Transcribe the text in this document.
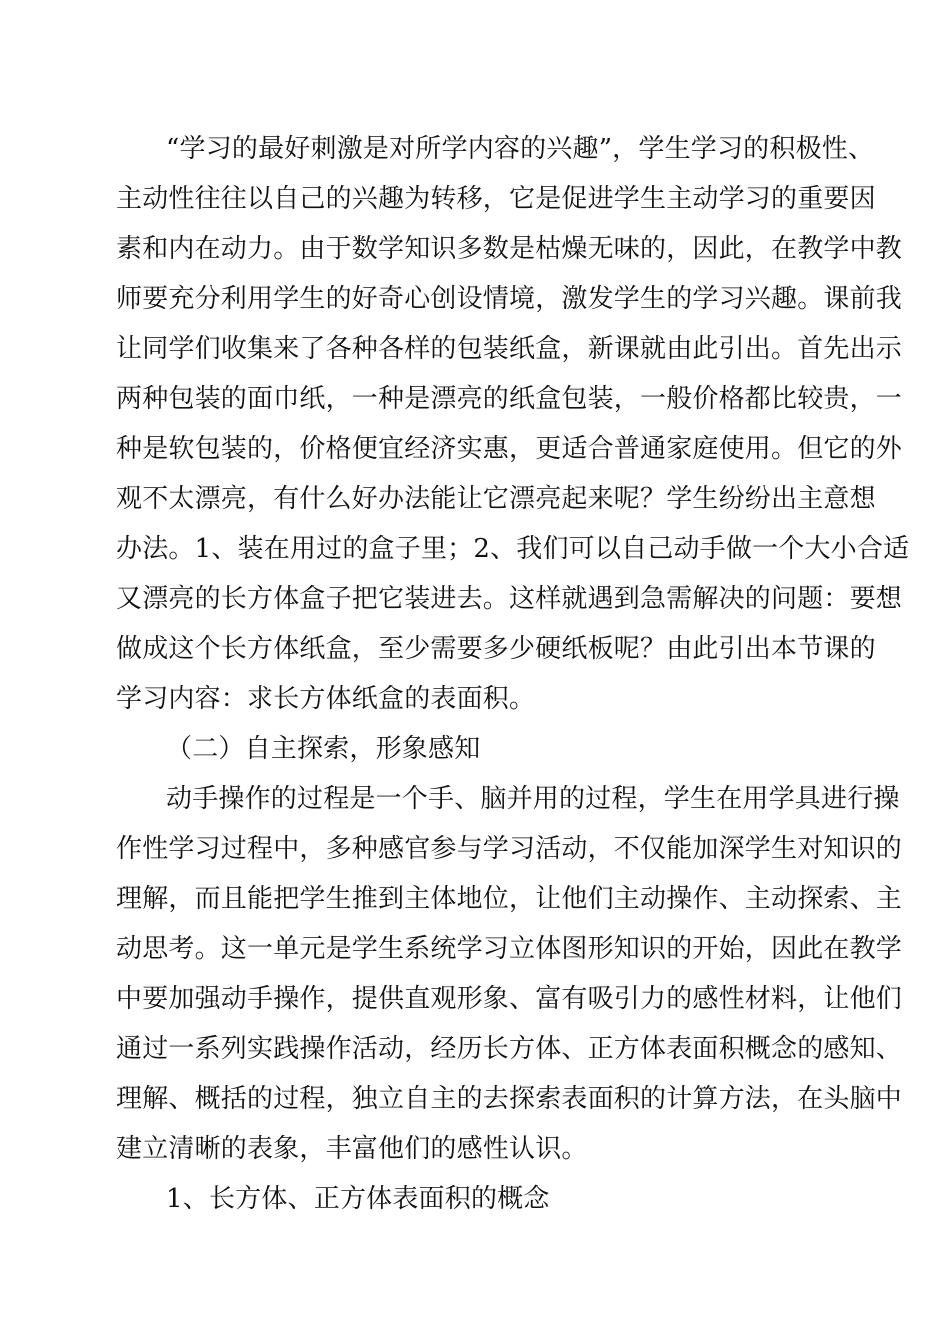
“学习的最好刺激是对所学内容的兴趣”，学生学习的积极性、
主动性往往以自己的兴趣为转移，它是促进学生主动学习的重要因
素和内在动力。由于数学知识多数是枯燥无味的，因此，在教学中教
师要充分利用学生的好奇心创设情境，激发学生的学习兴趣。课前我
让同学们收集来了各种各样的包装纸盒，新课就由此引出。首先出示
两种包装的面巾纸，一种是漂亮的纸盒包装，一般价格都比较贵，一
种是软包装的，价格便宜经济实惠，更适合普通家庭使用。但它的外
观不太漂亮，有什么好办法能让它漂亮起来呢？学生纷纷出主意想
办法。1、装在用过的盒子里；2、我们可以自己动手做一个大小合适
又漂亮的长方体盒子把它装进去。这样就遇到急需解决的问题：要想
做成这个长方体纸盒，至少需要多少硬纸板呢？由此引出本节课的
学习内容：求长方体纸盒的表面积。
（二）自主探索，形象感知
动手操作的过程是一个手、脑并用的过程，学生在用学具进行操
作性学习过程中，多种感官参与学习活动，不仅能加深学生对知识的
理解，而且能把学生推到主体地位，让他们主动操作、主动探索、主
动思考。这一单元是学生系统学习立体图形知识的开始，因此在教学
中要加强动手操作，提供直观形象、富有吸引力的感性材料，让他们
通过一系列实践操作活动，经历长方体、正方体表面积概念的感知、
理解、概括的过程，独立自主的去探索表面积的计算方法，在头脑中
建立清晰的表象，丰富他们的感性认识。
1、长方体、正方体表面积的概念
